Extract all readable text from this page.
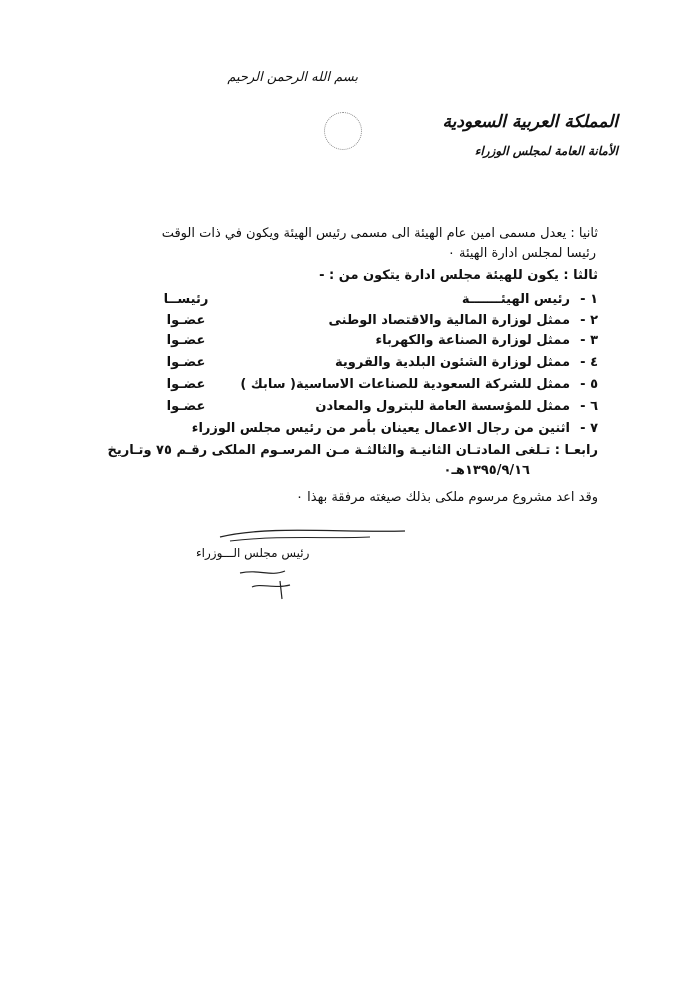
بسم الله الرحمن الرحيم
المملكة العربية السعودية
الأمانة العامة لمجلس الوزراء
ثانيا : يعدل مسمى امين عام الهيئة الى مسمى رئيس الهيئة ويكون في ذات الوقت
رئيسا لمجلس ادارة الهيئة ٠
ثالثا : يكون للهيئة مجلس ادارة يتكون من : -
١ -
رئيس الهيئـــــــة
رئيســا
٢ -
ممثل لوزارة المالية والاقتصاد الوطنى
عضـوا
٣ -
ممثل لوزارة الصناعة والكهرباء
عضـوا
٤ -
ممثل لوزارة الشئون البلدية والقروية
عضـوا
٥ -
ممثل للشركة السعودية للصناعات الاساسية( سابك )
عضـوا
٦ -
ممثل للمؤسسة العامة للبترول والمعادن
عضـوا
٧ -
اثنين من رجال الاعمال يعينان بأمر من رئيس مجلس الوزراء
رابعـا : تـلغى المادتـان الثانيـة والثالثـة مـن المرسـوم الملكى رقـم ٧٥ وتـاريخ
١٣٩٥/٩/١٦هـ٠
وقد اعد مشروع مرسوم ملكى بذلك صيغته مرفقة بهذا ٠
رئيس مجلس الـــوزراء
